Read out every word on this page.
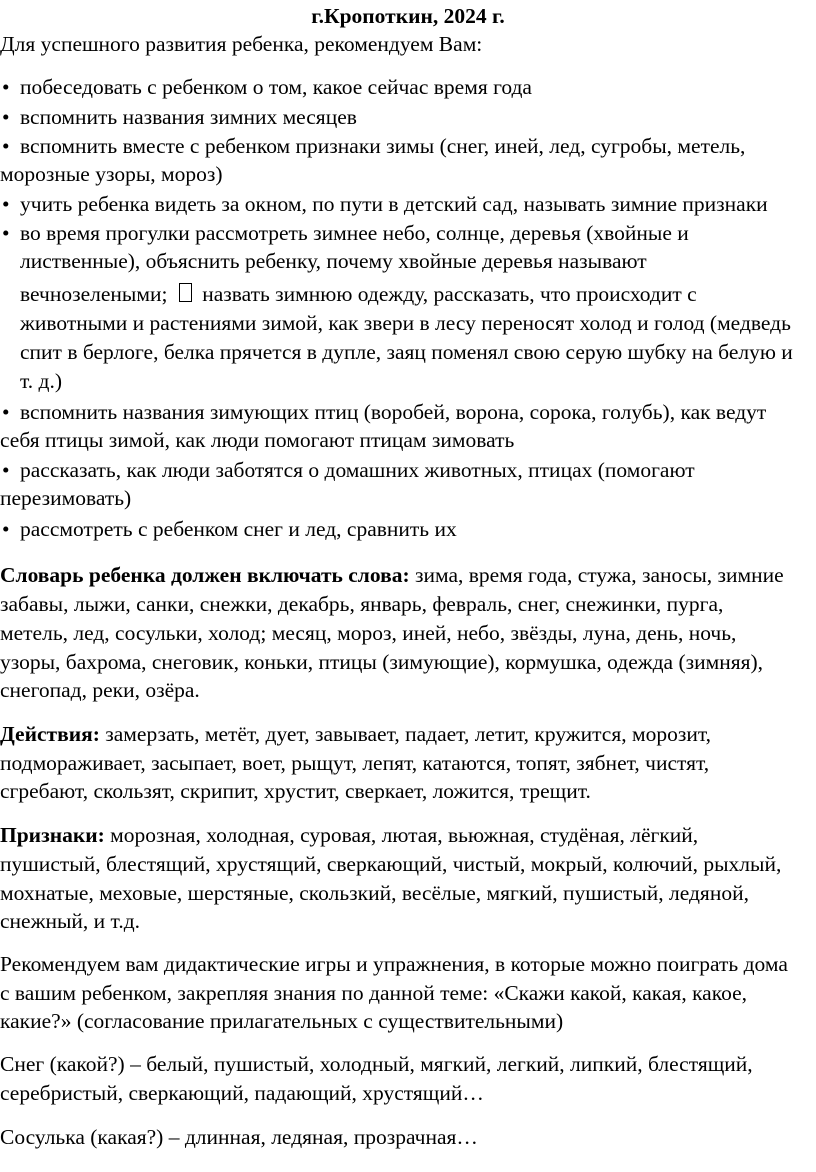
г.Кропоткин, 2024 г.
Для успешного развития ребенка, рекомендуем Вам:
• побеседовать с ребенком о том, какое сейчас время года
• вспомнить названия зимних месяцев
• вспомнить вместе с ребенком признаки зимы (снег, иней, лед, сугробы, метель,
морозные узоры, мороз)
• учить ребенка видеть за окном, по пути в детский сад, называть зимние признаки
• во время прогулки рассмотреть зимнее небо, солнце, деревья (хвойные и
лиственные), объяснить ребенку, почему хвойные деревья называют
вечнозелеными; назвать зимнюю одежду, рассказать, что происходит с
животными и растениями зимой, как звери в лесу переносят холод и голод (медведь
спит в берлоге, белка прячется в дупле, заяц поменял свою серую шубку на белую и
т. д.)
• вспомнить названия зимующих птиц (воробей, ворона, сорока, голубь), как ведут
себя птицы зимой, как люди помогают птицам зимовать
• рассказать, как люди заботятся о домашних животных, птицах (помогают
перезимовать)
• рассмотреть с ребенком снег и лед, сравнить их
Словарь ребенка должен включать слова: зима, время года, стужа, заносы, зимние
забавы, лыжи, санки, снежки, декабрь, январь, февраль, снег, снежинки, пурга,
метель, лед, сосульки, холод; месяц, мороз, иней, небо, звёзды, луна, день, ночь,
узоры, бахрома, снеговик, коньки, птицы (зимующие), кормушка, одежда (зимняя),
снегопад, реки, озёра.
Действия: замерзать, метёт, дует, завывает, падает, летит, кружится, морозит,
подмораживает, засыпает, воет, рыщут, лепят, катаются, топят, зябнет, чистят,
сгребают, скользят, скрипит, хрустит, сверкает, ложится, трещит.
Признаки: морозная, холодная, суровая, лютая, вьюжная, студёная, лёгкий,
пушистый, блестящий, хрустящий, сверкающий, чистый, мокрый, колючий, рыхлый,
мохнатые, меховые, шерстяные, скользкий, весёлые, мягкий, пушистый, ледяной,
снежный, и т.д.
Рекомендуем вам дидактические игры и упражнения, в которые можно поиграть дома
с вашим ребенком, закрепляя знания по данной теме: «Скажи какой, какая, какое,
какие?» (согласование прилагательных с существительными)
Снег (какой?) – белый, пушистый, холодный, мягкий, легкий, липкий, блестящий,
серебристый, сверкающий, падающий, хрустящий…
Сосулька (какая?) – длинная, ледяная, прозрачная…
